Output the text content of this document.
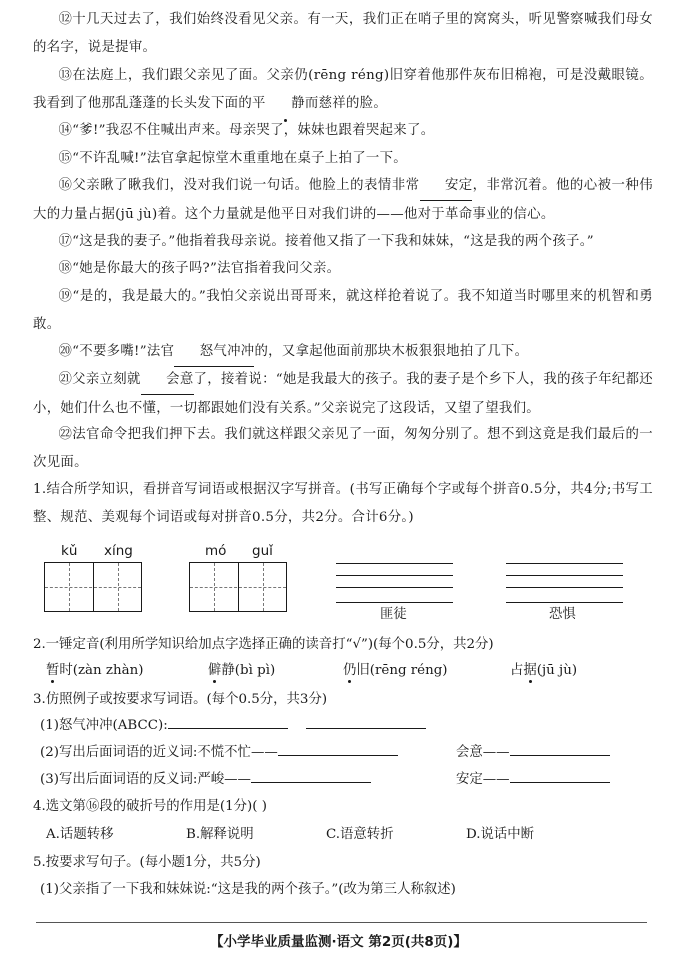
⑫十几天过去了，我们始终没看见父亲。有一天，我们正在哨子里的窝窝头，听见警察喊我们母女的名字，说是提审。
⑬在法庭上，我们跟父亲见了面。父亲仍(rēng réng)旧穿着他那件灰布旧棉袍，可是没戴眼镜。我看到了他那乱蓬蓬的长头发下面的平 静而慈祥的脸。
⑭“爹!”我忍不住喊出声来。母亲哭了，妹妹也跟着哭起来了。
⑮“不许乱喊!”法官拿起惊堂木重重地在桌子上拍了一下。
⑯父亲瞅了瞅我们，没对我们说一句话。他脸上的表情非常 安定，非常沉着。他的心被一种伟大的力量占据(jū jù)着。这个力量就是他平日对我们讲的——他对于革命事业的信心。
⑰“这是我的妻子。”他指着我母亲说。接着他又指了一下我和妹妹，“这是我的两个孩子。”
⑱“她是你最大的孩子吗?”法官指着我问父亲。
⑲“是的，我是最大的。”我怕父亲说出哥哥来，就这样抢着说了。我不知道当时哪里来的机智和勇敢。
⑳“不要多嘴!”法官 怒气冲冲的，又拿起他面前那块木板狠狠地拍了几下。
㉑父亲立刻就 会意了，接着说：“她是我最大的孩子。我的妻子是个乡下人，我的孩子年纪都还小，她们什么也不懂，一切都跟她们没有关系。”父亲说完了这段话，又望了望我们。
㉒法官命令把我们押下去。我们就这样跟父亲见了一面，匆匆分别了。想不到这竟是我们最后的一次见面。
1.结合所学知识，看拼音写词语或根据汉字写拼音。(书写正确每个字或每个拼音0.5分，共4分;书写工整、规范、美观每个词语或每对拼音0.5分，共2分。合计6分。)
kǔ xíng	mó guǐ
匪徒	恐惧
2.一锤定音(利用所学知识给加点字选择正确的读音打“√”)(每个0.5分，共2分)
暂时(zàn zhàn)	僻静(bì pì)	仍旧(rēng réng)	占据(jū jù)
3.仿照例子或按要求写词语。(每个0.5分，共3分)
(1)怒气冲冲(ABCC):
(2)写出后面词语的近义词:不慌不忙——	会意——
(3)写出后面词语的反义词:严峻——	安定——
4.选文第⑯段的破折号的作用是(1分)( )
A.话题转移	B.解释说明	C.语意转折	D.说话中断
5.按要求写句子。(每小题1分，共5分)
(1)父亲指了一下我和妹妹说:“这是我的两个孩子。”(改为第三人称叙述)
【小学毕业质量监测·语文 第2页(共8页)】
